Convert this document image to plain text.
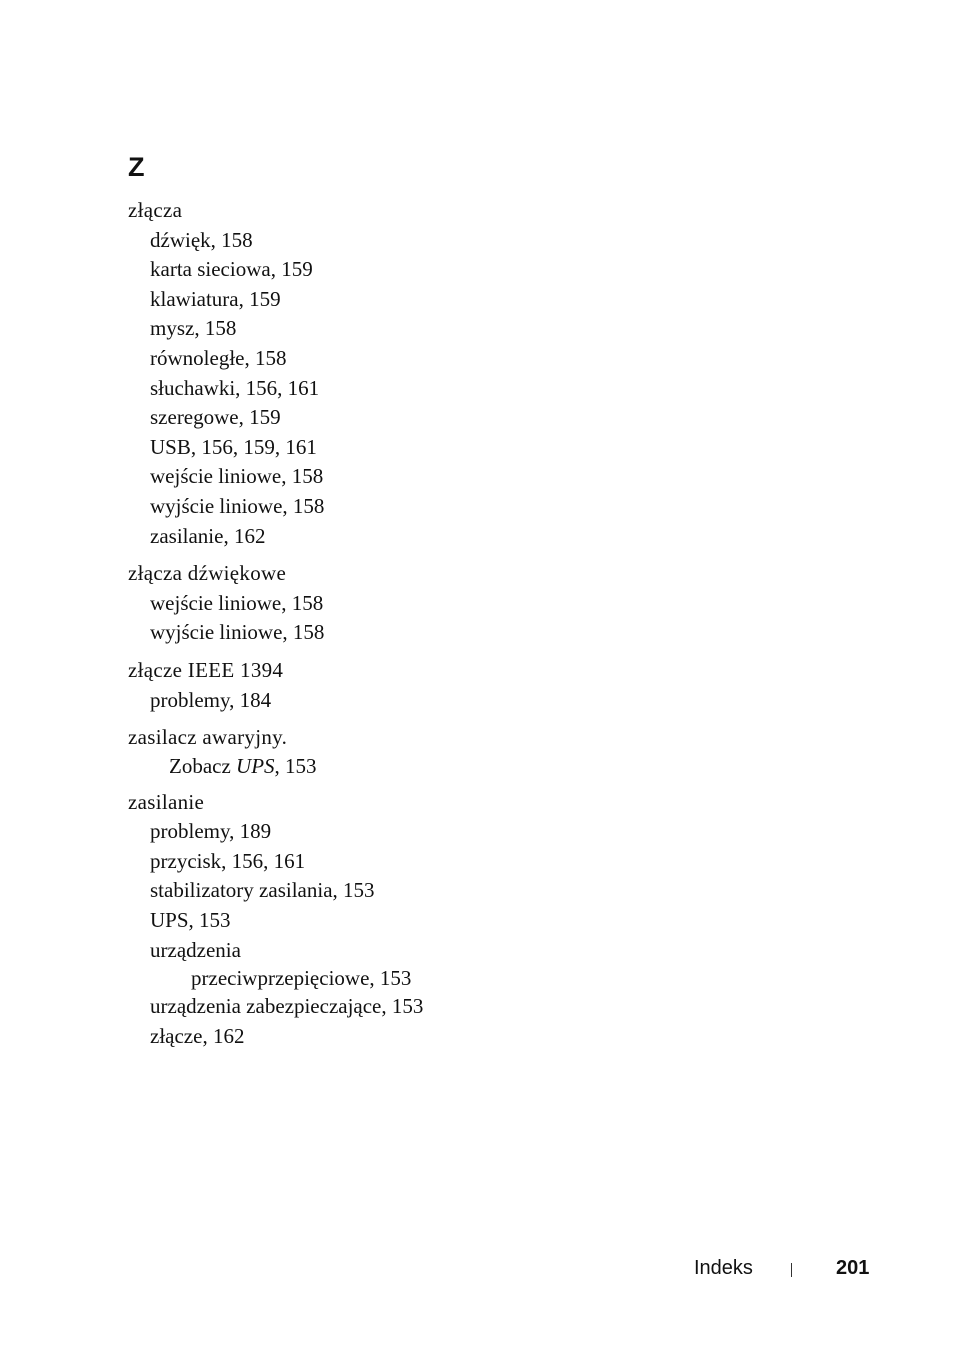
Z
złącza
dźwięk, 158
karta sieciowa, 159
klawiatura, 159
mysz, 158
równoległe, 158
słuchawki, 156, 161
szeregowe, 159
USB, 156, 159, 161
wejście liniowe, 158
wyjście liniowe, 158
zasilanie, 162
złącza dźwiękowe
wejście liniowe, 158
wyjście liniowe, 158
złącze IEEE 1394
problemy, 184
zasilacz awaryjny.
Zobacz UPS, 153
zasilanie
problemy, 189
przycisk, 156, 161
stabilizatory zasilania, 153
UPS, 153
urządzenia
przeciwprzepięciowe, 153
urządzenia zabezpieczające, 153
złącze, 162
Indeks	201
